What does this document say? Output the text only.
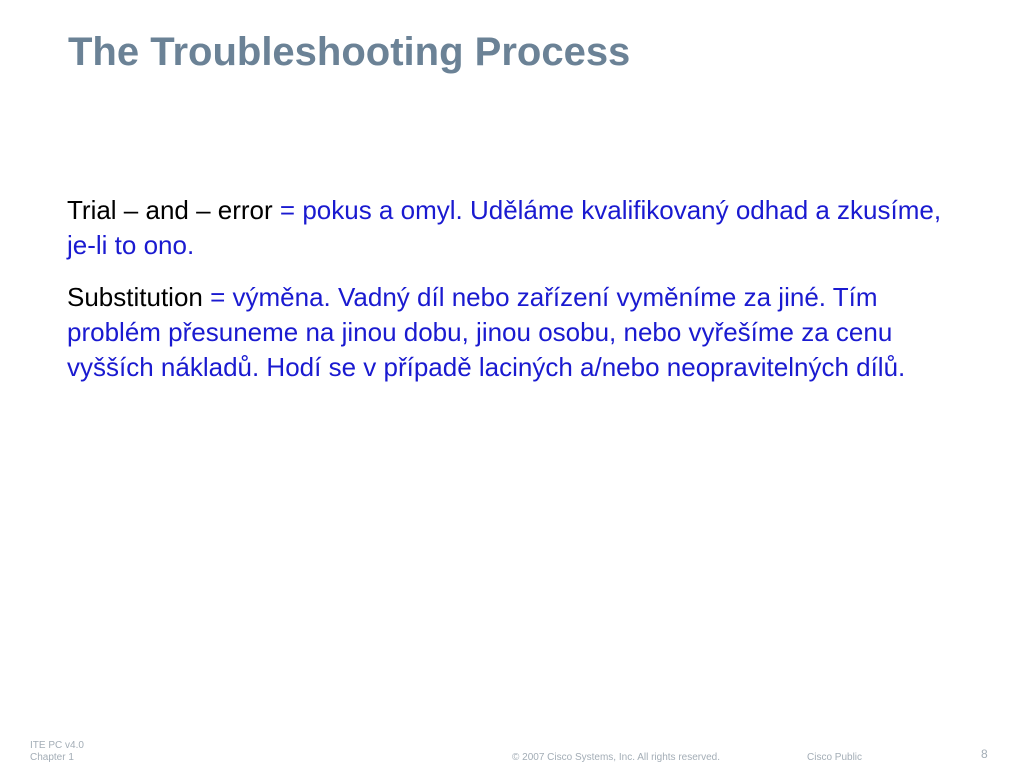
The Troubleshooting Process

Trial – and – error = pokus a omyl. Uděláme kvalifikovaný odhad a zkusíme, je-li to ono.

Substitution = výměna. Vadný díl nebo zařízení vyměníme za jiné. Tím problém přesuneme na jinou dobu, jinou osobu, nebo vyřešíme za cenu vyšších nákladů. Hodí se v případě laciných a/nebo neopravitelných dílů.

ITE PC v4.0
Chapter 1	© 2007 Cisco Systems, Inc. All rights reserved.	Cisco Public	8
